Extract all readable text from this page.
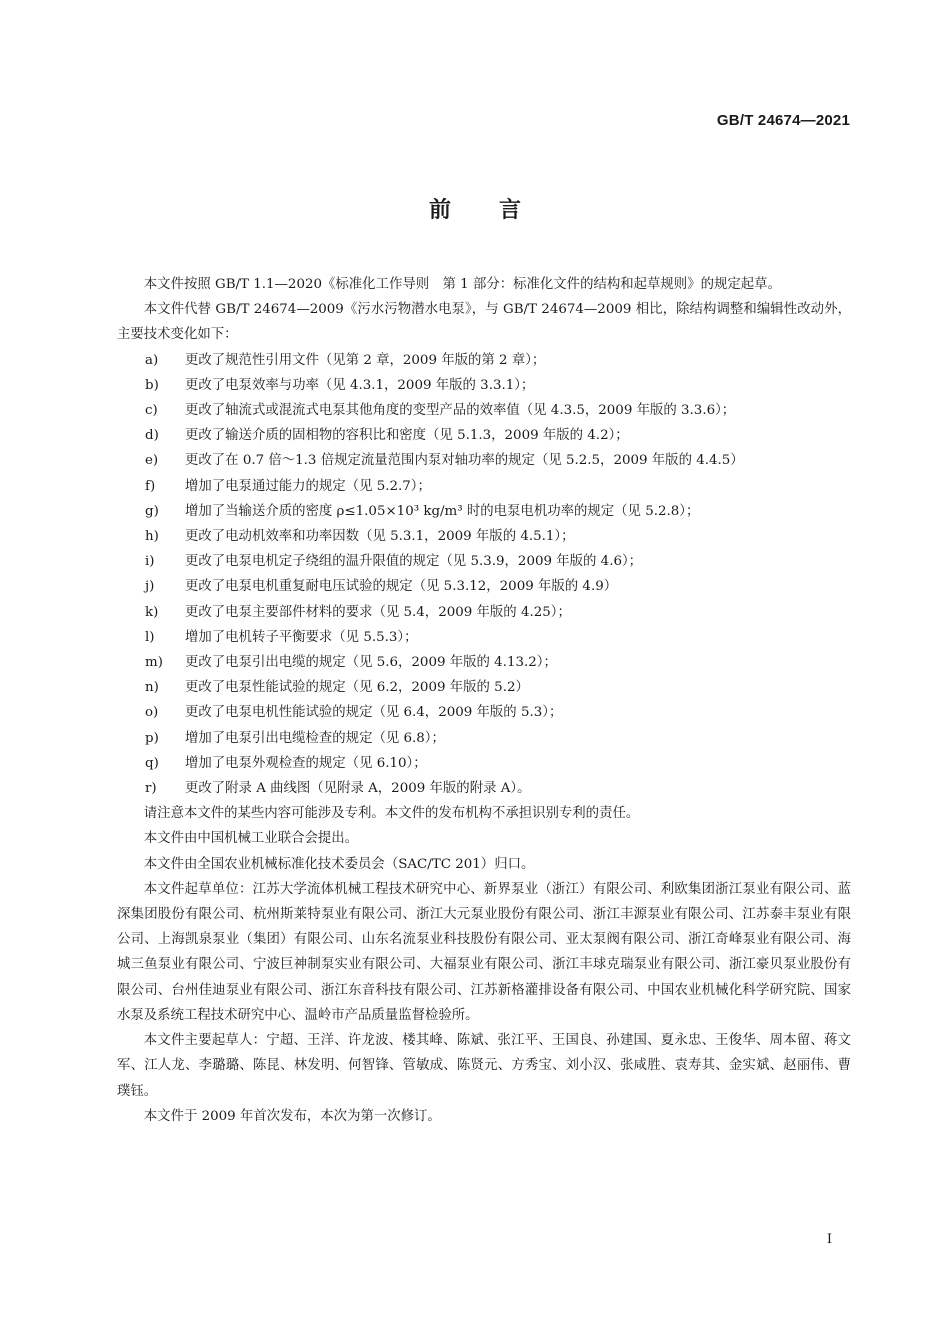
GB/T 24674—2021
前言

本文件按照 GB/T 1.1—2020《标准化工作导则　第 1 部分：标准化文件的结构和起草规则》的规定起草。

本文件代替 GB/T 24674—2009《污水污物潜水电泵》，与 GB/T 24674—2009 相比，除结构调整和编辑性改动外，主要技术变化如下：

a) 更改了规范性引用文件（见第 2 章，2009 年版的第 2 章）；

b) 更改了电泵效率与功率（见 4.3.1，2009 年版的 3.3.1）；

c) 更改了轴流式或混流式电泵其他角度的变型产品的效率值（见 4.3.5，2009 年版的 3.3.6）；

d) 更改了输送介质的固相物的容积比和密度（见 5.1.3，2009 年版的 4.2）；

e) 更改了在 0.7 倍～1.3 倍规定流量范围内泵对轴功率的规定（见 5.2.5，2009 年版的 4.4.5）

f) 增加了电泵通过能力的规定（见 5.2.7）；

g) 增加了当输送介质的密度 ρ≤1.05×10³ kg/m³ 时的电泵电机功率的规定（见 5.2.8）；

h) 更改了电动机效率和功率因数（见 5.3.1，2009 年版的 4.5.1）；

i) 更改了电泵电机定子绕组的温升限值的规定（见 5.3.9，2009 年版的 4.6）；

j) 更改了电泵电机重复耐电压试验的规定（见 5.3.12，2009 年版的 4.9）

k) 更改了电泵主要部件材料的要求（见 5.4，2009 年版的 4.25）；

l) 增加了电机转子平衡要求（见 5.5.3）；

m) 更改了电泵引出电缆的规定（见 5.6，2009 年版的 4.13.2）；

n) 更改了电泵性能试验的规定（见 6.2，2009 年版的 5.2）

o) 更改了电泵电机性能试验的规定（见 6.4，2009 年版的 5.3）；

p) 增加了电泵引出电缆检查的规定（见 6.8）；

q) 增加了电泵外观检查的规定（见 6.10）；

r) 更改了附录 A 曲线图（见附录 A，2009 年版的附录 A）。

请注意本文件的某些内容可能涉及专利。本文件的发布机构不承担识别专利的责任。

本文件由中国机械工业联合会提出。

本文件由全国农业机械标准化技术委员会（SAC/TC 201）归口。

本文件起草单位：江苏大学流体机械工程技术研究中心、新界泵业（浙江）有限公司、利欧集团浙江泵业有限公司、蓝深集团股份有限公司、杭州斯莱特泵业有限公司、浙江大元泵业股份有限公司、浙江丰源泵业有限公司、江苏泰丰泵业有限公司、上海凯泉泵业（集团）有限公司、山东名流泵业科技股份有限公司、亚太泵阀有限公司、浙江奇峰泵业有限公司、海城三鱼泵业有限公司、宁波巨神制泵实业有限公司、大福泵业有限公司、浙江丰球克瑞泵业有限公司、浙江豪贝泵业股份有限公司、台州佳迪泵业有限公司、浙江东音科技有限公司、江苏新格灌排设备有限公司、中国农业机械化科学研究院、国家水泵及系统工程技术研究中心、温岭市产品质量监督检验所。

本文件主要起草人：宁超、王洋、许龙波、楼其峰、陈斌、张江平、王国良、孙建国、夏永忠、王俊华、周本留、蒋文军、江人龙、李璐璐、陈昆、林发明、何智锋、管敏成、陈贤元、方秀宝、刘小汉、张咸胜、袁寿其、金实斌、赵丽伟、曹璞钰。

本文件于 2009 年首次发布，本次为第一次修订。

I
